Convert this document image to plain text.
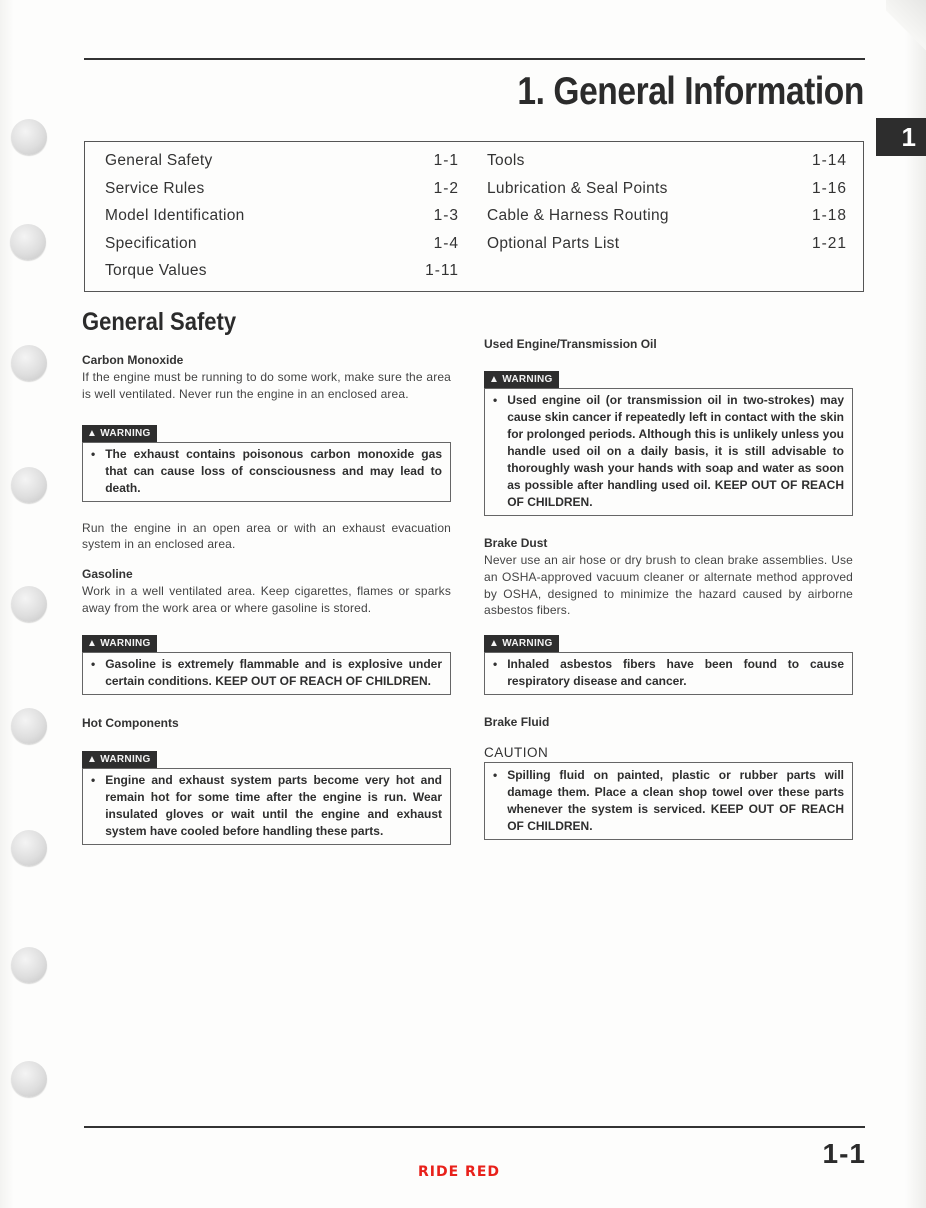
1. General Information
1
General Safety	1-1
Service Rules	1-2
Model Identification	1-3
Specification	1-4
Torque Values	1-11
Tools	1-14
Lubrication & Seal Points	1-16
Cable & Harness Routing	1-18
Optional Parts List	1-21
General Safety

Carbon Monoxide

If the engine must be running to do some work, make sure the area is well ventilated. Never run the engine in an enclosed area.

▲ WARNING
• The exhaust contains poisonous carbon monoxide gas that can cause loss of consciousness and may lead to death.

Run the engine in an open area or with an exhaust evacuation system in an enclosed area.

Gasoline

Work in a well ventilated area. Keep cigarettes, flames or sparks away from the work area or where gasoline is stored.

▲ WARNING
• Gasoline is extremely flammable and is explosive under certain conditions. KEEP OUT OF REACH OF CHILDREN.

Hot Components

▲ WARNING
• Engine and exhaust system parts become very hot and remain hot for some time after the engine is run. Wear insulated gloves or wait until the engine and exhaust system have cooled before handling these parts.

Used Engine/Transmission Oil

▲ WARNING
• Used engine oil (or transmission oil in two-strokes) may cause skin cancer if repeatedly left in contact with the skin for prolonged periods. Although this is unlikely unless you handle used oil on a daily basis, it is still advisable to thoroughly wash your hands with soap and water as soon as possible after handling used oil. KEEP OUT OF REACH OF CHILDREN.

Brake Dust

Never use an air hose or dry brush to clean brake assemblies. Use an OSHA-approved vacuum cleaner or alternate method approved by OSHA, designed to minimize the hazard caused by airborne asbestos fibers.

▲ WARNING
• Inhaled asbestos fibers have been found to cause respiratory disease and cancer.

Brake Fluid

CAUTION

• Spilling fluid on painted, plastic or rubber parts will damage them. Place a clean shop towel over these parts whenever the system is serviced. KEEP OUT OF REACH OF CHILDREN.
1-1
RIDE RED
